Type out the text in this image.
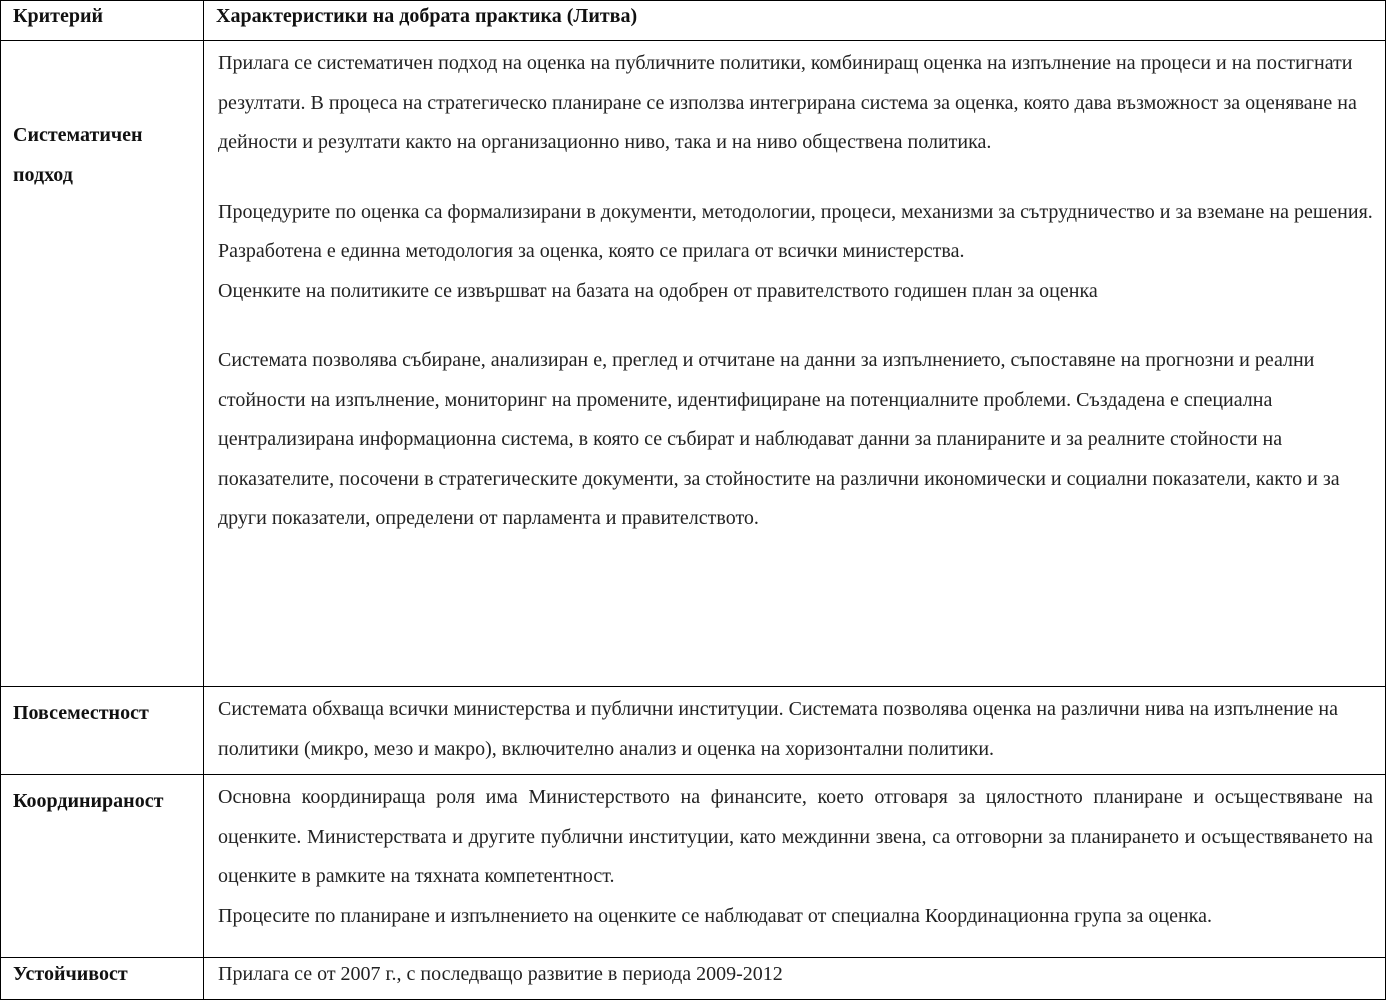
Критерий	Характеристики на добрата практика (Литва)
Систематичен подход	Прилага се систематичен подход на оценка на публичните политики, комбиниращ оценка на изпълнение на процеси и на постигнати резултати. В процеса на стратегическо планиране се използва интегрирана система за оценка, която дава възможност за оценяване на дейности и резултати както на организационно ниво, така и на ниво обществена политика.

Процедурите по оценка са формализирани в документи, методологии, процеси, механизми за сътрудничество и за вземане на решения. Разработена е единна методология за оценка, която се прилага от всички министерства.

Оценките на политиките се извършват на базата на одобрен от правителството годишен план за оценка

Системата позволява събиране, анализиран е, преглед и отчитане на данни за изпълнението, съпоставяне на прогнозни и реални стойности на изпълнение, мониторинг на промените, идентифициране на потенциалните проблеми. Създадена е специална централизирана информационна система, в която се събират и наблюдават данни за планираните и за реалните стойности на показателите, посочени в стратегическите документи, за стойностите на различни икономически и социални показатели, както и за други показатели, определени от парламента и правителството.

Повсеместност	Системата обхваща всички министерства и публични институции. Системата позволява оценка на различни нива на изпълнение на политики (микро, мезо и макро), включително анализ и оценка на хоризонтални политики.

Координираност	Основна координираща роля има Министерството на финансите, което отговаря за цялостното планиране и осъществяване на оценките. Министерствата и другите публични институции, като междинни звена, са отговорни за планирането и осъществяването на оценките в рамките на тяхната компетентност.

Процесите по планиране и изпълнението на оценките се наблюдават от специална Координационна група за оценка.

Устойчивост	Прилага се от 2007 г., с последващо развитие в периода 2009-2012
